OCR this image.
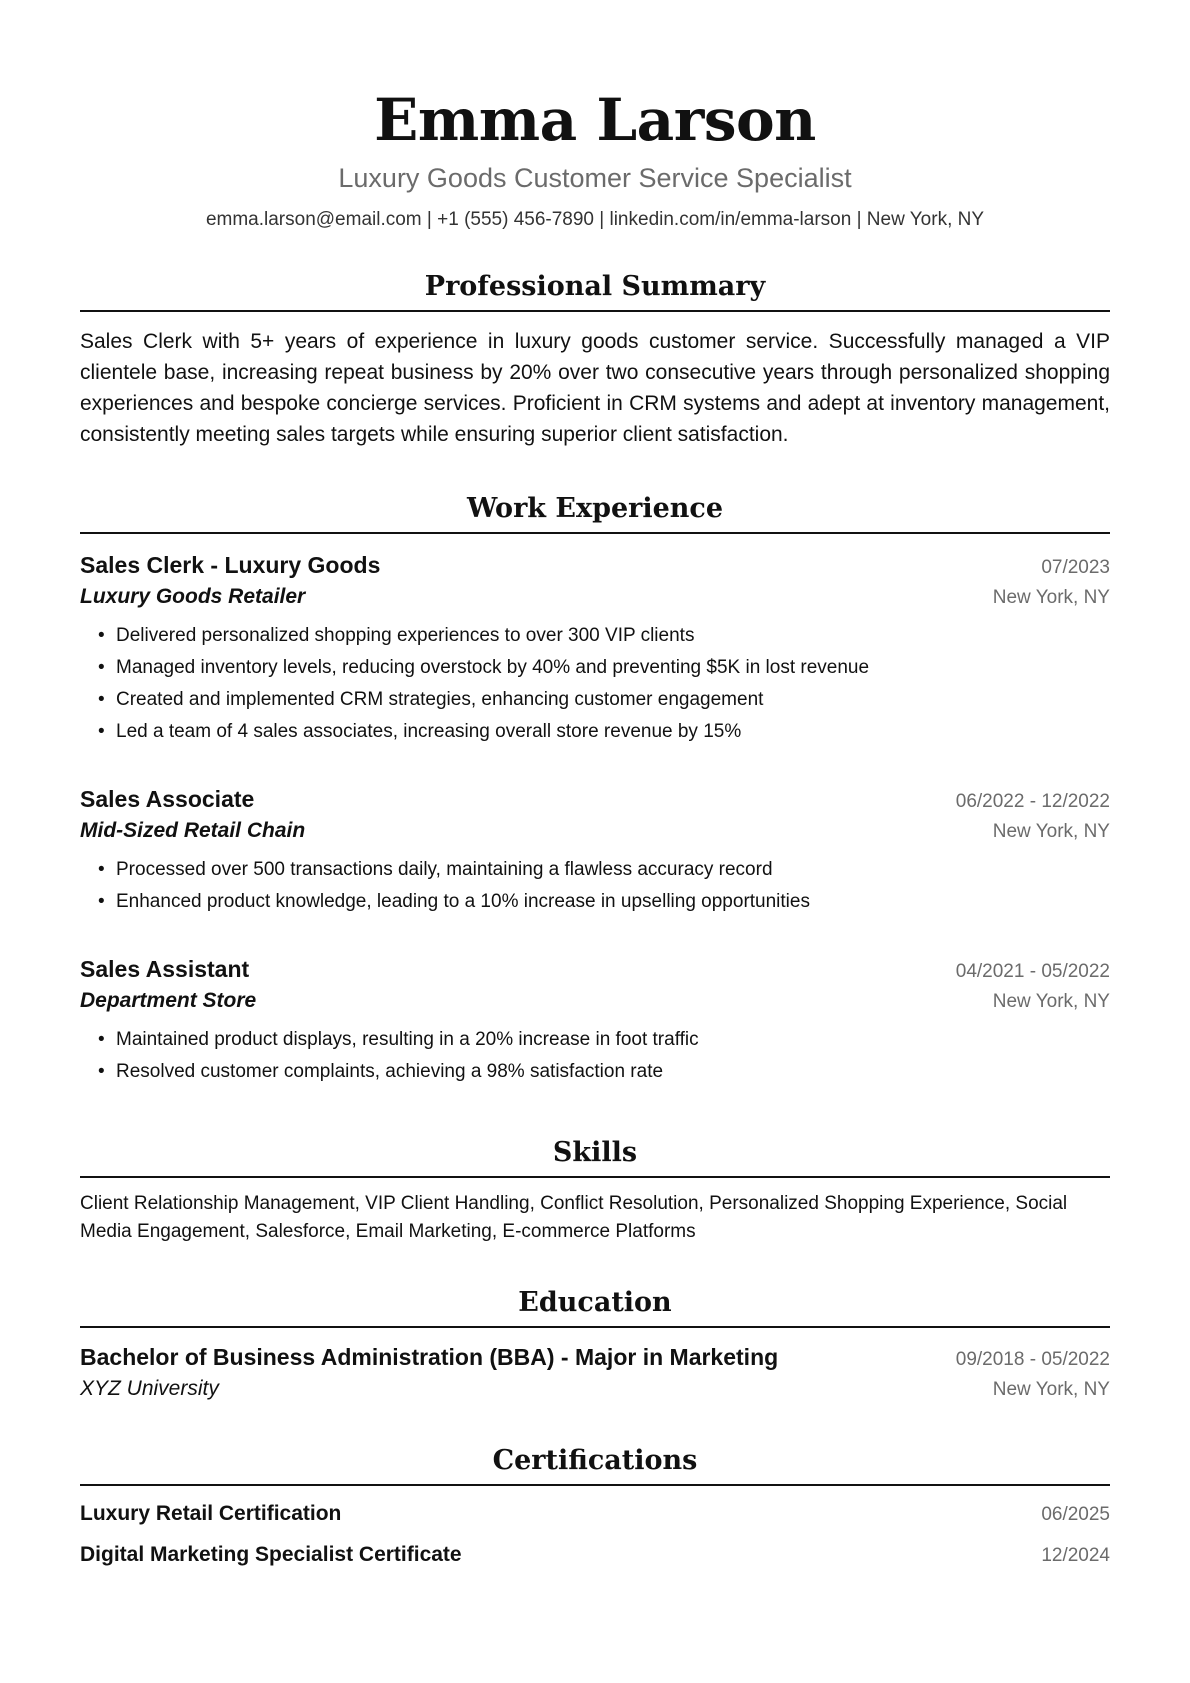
Emma Larson
Luxury Goods Customer Service Specialist
emma.larson@email.com | +1 (555) 456-7890 | linkedin.com/in/emma-larson | New York, NY
Professional Summary
Sales Clerk with 5+ years of experience in luxury goods customer service. Successfully managed a VIP clientele base, increasing repeat business by 20% over two consecutive years through personalized shopping experiences and bespoke concierge services. Proficient in CRM systems and adept at inventory management, consistently meeting sales targets while ensuring superior client satisfaction.
Work Experience
Sales Clerk - Luxury Goods	07/2023
Luxury Goods Retailer	New York, NY
• Delivered personalized shopping experiences to over 300 VIP clients
• Managed inventory levels, reducing overstock by 40% and preventing $5K in lost revenue
• Created and implemented CRM strategies, enhancing customer engagement
• Led a team of 4 sales associates, increasing overall store revenue by 15%
Sales Associate	06/2022 - 12/2022
Mid-Sized Retail Chain	New York, NY
• Processed over 500 transactions daily, maintaining a flawless accuracy record
• Enhanced product knowledge, leading to a 10% increase in upselling opportunities
Sales Assistant	04/2021 - 05/2022
Department Store	New York, NY
• Maintained product displays, resulting in a 20% increase in foot traffic
• Resolved customer complaints, achieving a 98% satisfaction rate
Skills
Client Relationship Management, VIP Client Handling, Conflict Resolution, Personalized Shopping Experience, Social Media Engagement, Salesforce, Email Marketing, E-commerce Platforms
Education
Bachelor of Business Administration (BBA) - Major in Marketing	09/2018 - 05/2022
XYZ University	New York, NY
Certifications
Luxury Retail Certification	06/2025
Digital Marketing Specialist Certificate	12/2024
